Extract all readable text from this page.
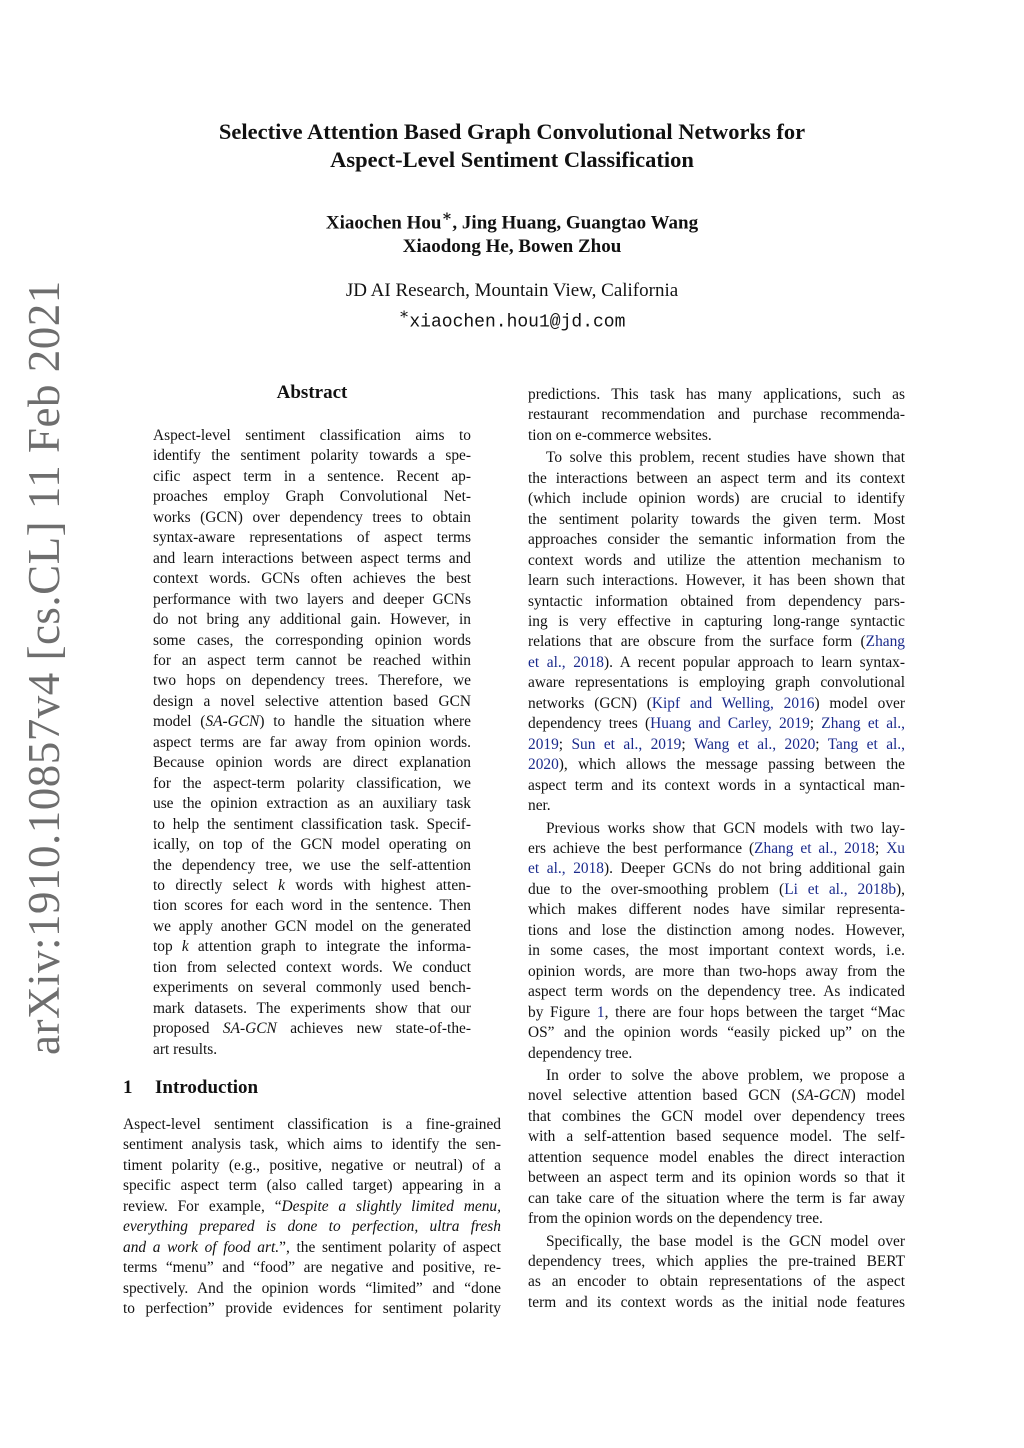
arXiv:1910.10857v4 [cs.CL] 11 Feb 2021
Selective Attention Based Graph Convolutional Networks for
Aspect-Level Sentiment Classification
Xiaochen Hou∗, Jing Huang, Guangtao Wang
Xiaodong He, Bowen Zhou
JD AI Research, Mountain View, California
∗xiaochen.hou1@jd.com
Abstract
Aspect-level sentiment classification aims to
identify the sentiment polarity towards a spe-
cific aspect term in a sentence. Recent ap-
proaches employ Graph Convolutional Net-
works (GCN) over dependency trees to obtain
syntax-aware representations of aspect terms
and learn interactions between aspect terms and
context words. GCNs often achieves the best
performance with two layers and deeper GCNs
do not bring any additional gain. However, in
some cases, the corresponding opinion words
for an aspect term cannot be reached within
two hops on dependency trees. Therefore, we
design a novel selective attention based GCN
model (SA-GCN) to handle the situation where
aspect terms are far away from opinion words.
Because opinion words are direct explanation
for the aspect-term polarity classification, we
use the opinion extraction as an auxiliary task
to help the sentiment classification task. Specif-
ically, on top of the GCN model operating on
the dependency tree, we use the self-attention
to directly select k words with highest atten-
tion scores for each word in the sentence. Then
we apply another GCN model on the generated
top k attention graph to integrate the informa-
tion from selected context words. We conduct
experiments on several commonly used bench-
mark datasets. The experiments show that our
proposed SA-GCN achieves new state-of-the-
art results.
1 Introduction
Aspect-level sentiment classification is a fine-grained
sentiment analysis task, which aims to identify the sen-
timent polarity (e.g., positive, negative or neutral) of a
specific aspect term (also called target) appearing in a
review. For example, “Despite a slightly limited menu,
everything prepared is done to perfection, ultra fresh
and a work of food art.”, the sentiment polarity of aspect
terms “menu” and “food” are negative and positive, re-
spectively. And the opinion words “limited” and “done
to perfection” provide evidences for sentiment polarity
predictions. This task has many applications, such as
restaurant recommendation and purchase recommenda-
tion on e-commerce websites.
To solve this problem, recent studies have shown that
the interactions between an aspect term and its context
(which include opinion words) are crucial to identify
the sentiment polarity towards the given term. Most
approaches consider the semantic information from the
context words and utilize the attention mechanism to
learn such interactions. However, it has been shown that
syntactic information obtained from dependency pars-
ing is very effective in capturing long-range syntactic
relations that are obscure from the surface form (Zhang
et al., 2018). A recent popular approach to learn syntax-
aware representations is employing graph convolutional
networks (GCN) (Kipf and Welling, 2016) model over
dependency trees (Huang and Carley, 2019; Zhang et al.,
2019; Sun et al., 2019; Wang et al., 2020; Tang et al.,
2020), which allows the message passing between the
aspect term and its context words in a syntactical man-
ner.
Previous works show that GCN models with two lay-
ers achieve the best performance (Zhang et al., 2018; Xu
et al., 2018). Deeper GCNs do not bring additional gain
due to the over-smoothing problem (Li et al., 2018b),
which makes different nodes have similar representa-
tions and lose the distinction among nodes. However,
in some cases, the most important context words, i.e.
opinion words, are more than two-hops away from the
aspect term words on the dependency tree. As indicated
by Figure 1, there are four hops between the target “Mac
OS” and the opinion words “easily picked up” on the
dependency tree.
In order to solve the above problem, we propose a
novel selective attention based GCN (SA-GCN) model
that combines the GCN model over dependency trees
with a self-attention based sequence model. The self-
attention sequence model enables the direct interaction
between an aspect term and its opinion words so that it
can take care of the situation where the term is far away
from the opinion words on the dependency tree.
Specifically, the base model is the GCN model over
dependency trees, which applies the pre-trained BERT
as an encoder to obtain representations of the aspect
term and its context words as the initial node features
